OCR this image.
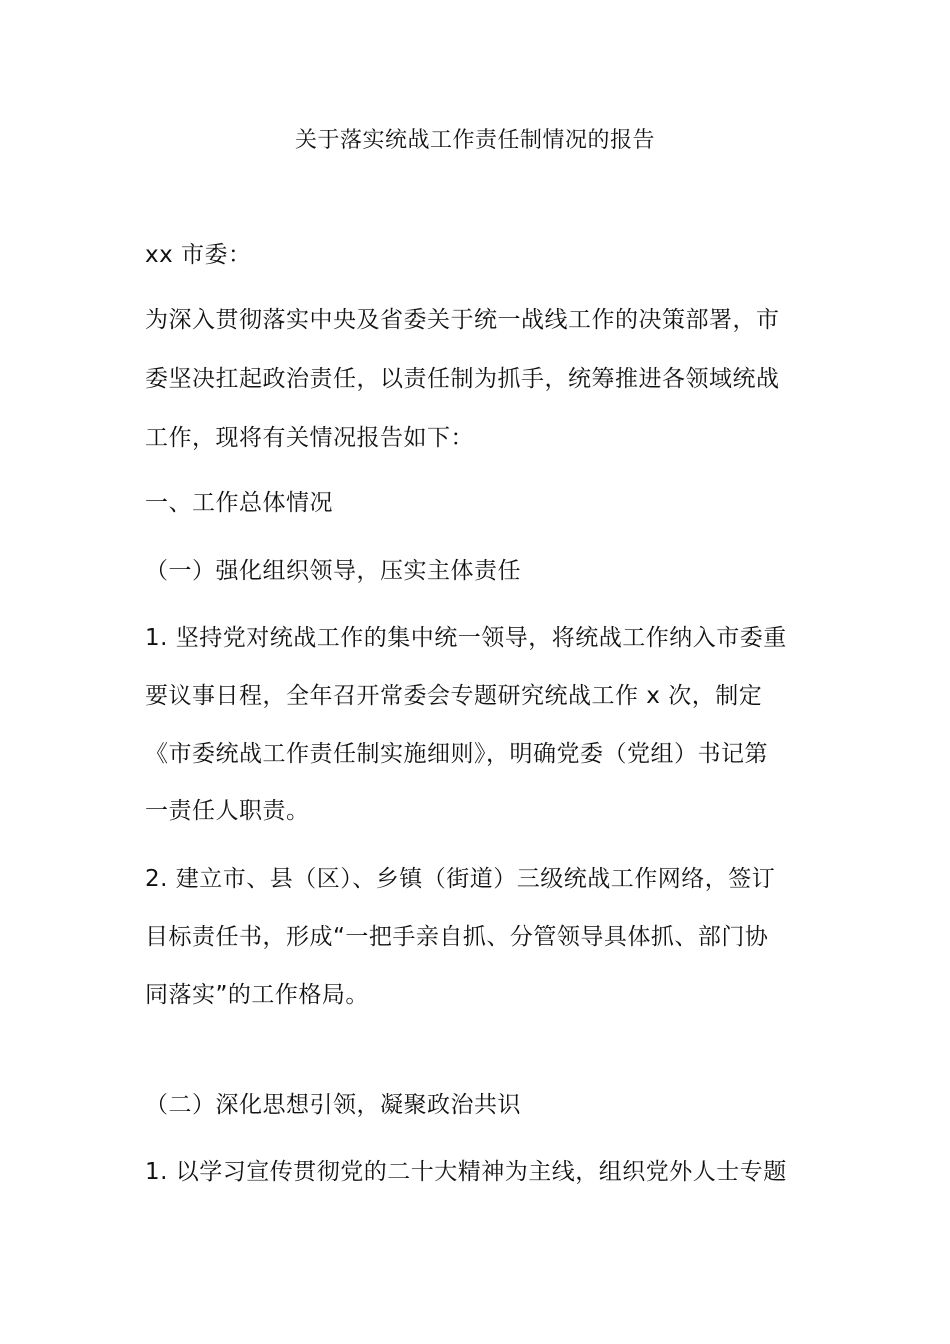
关于落实统战工作责任制情况的报告
xx 市委：
为深入贯彻落实中央及省委关于统一战线工作的决策部署，市
委坚决扛起政治责任，以责任制为抓手，统筹推进各领域统战
工作，现将有关情况报告如下：
一、工作总体情况
（一）强化组织领导，压实主体责任
1. 坚持党对统战工作的集中统一领导，将统战工作纳入市委重
要议事日程，全年召开常委会专题研究统战工作 x 次，制定
《市委统战工作责任制实施细则》，明确党委（党组）书记第
一责任人职责。
2. 建立市、县（区）、乡镇（街道）三级统战工作网络，签订
目标责任书，形成“一把手亲自抓、分管领导具体抓、部门协
同落实”的工作格局。
（二）深化思想引领，凝聚政治共识
1. 以学习宣传贯彻党的二十大精神为主线，组织党外人士专题
